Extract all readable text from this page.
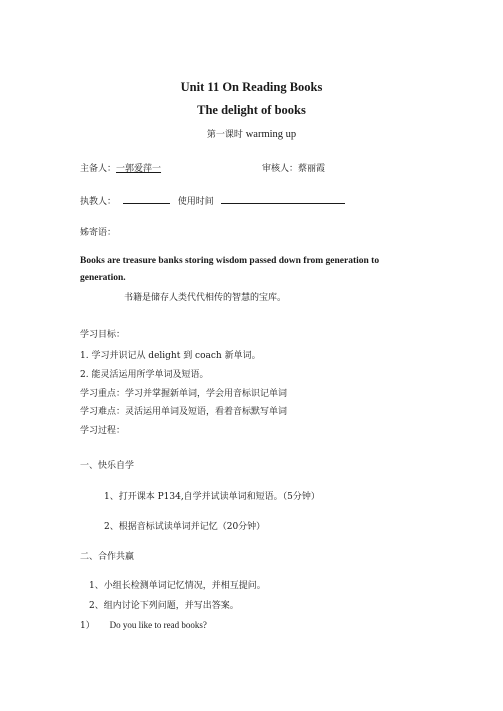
Unit 11 On Reading Books
The delight of books
第一课时 warming up
主备人：一郭爱萍一	审核人：蔡丽霞
执教人：	使用时间
姊寄语：
Books are treasure banks storing wisdom passed down from generation to
generation.
书籍是储存人类代代相传的智慧的宝库。
学习目标：
1. 学习并识记从 delight 到 coach 新单词。
2. 能灵活运用所学单词及短语。
学习重点：学习并掌握新单词，学会用音标识记单词
学习难点：灵活运用单词及短语，看着音标默写单词
学习过程：
一、快乐自学
1、打开课本 P134,自学并试读单词和短语。（5分钟）
2、根据音标试读单词并记忆（20分钟）
二、合作共赢
1、小组长检测单词记忆情况，并相互提问。
2、组内讨论下列问题，并写出答案。
1） Do you like to read books?
